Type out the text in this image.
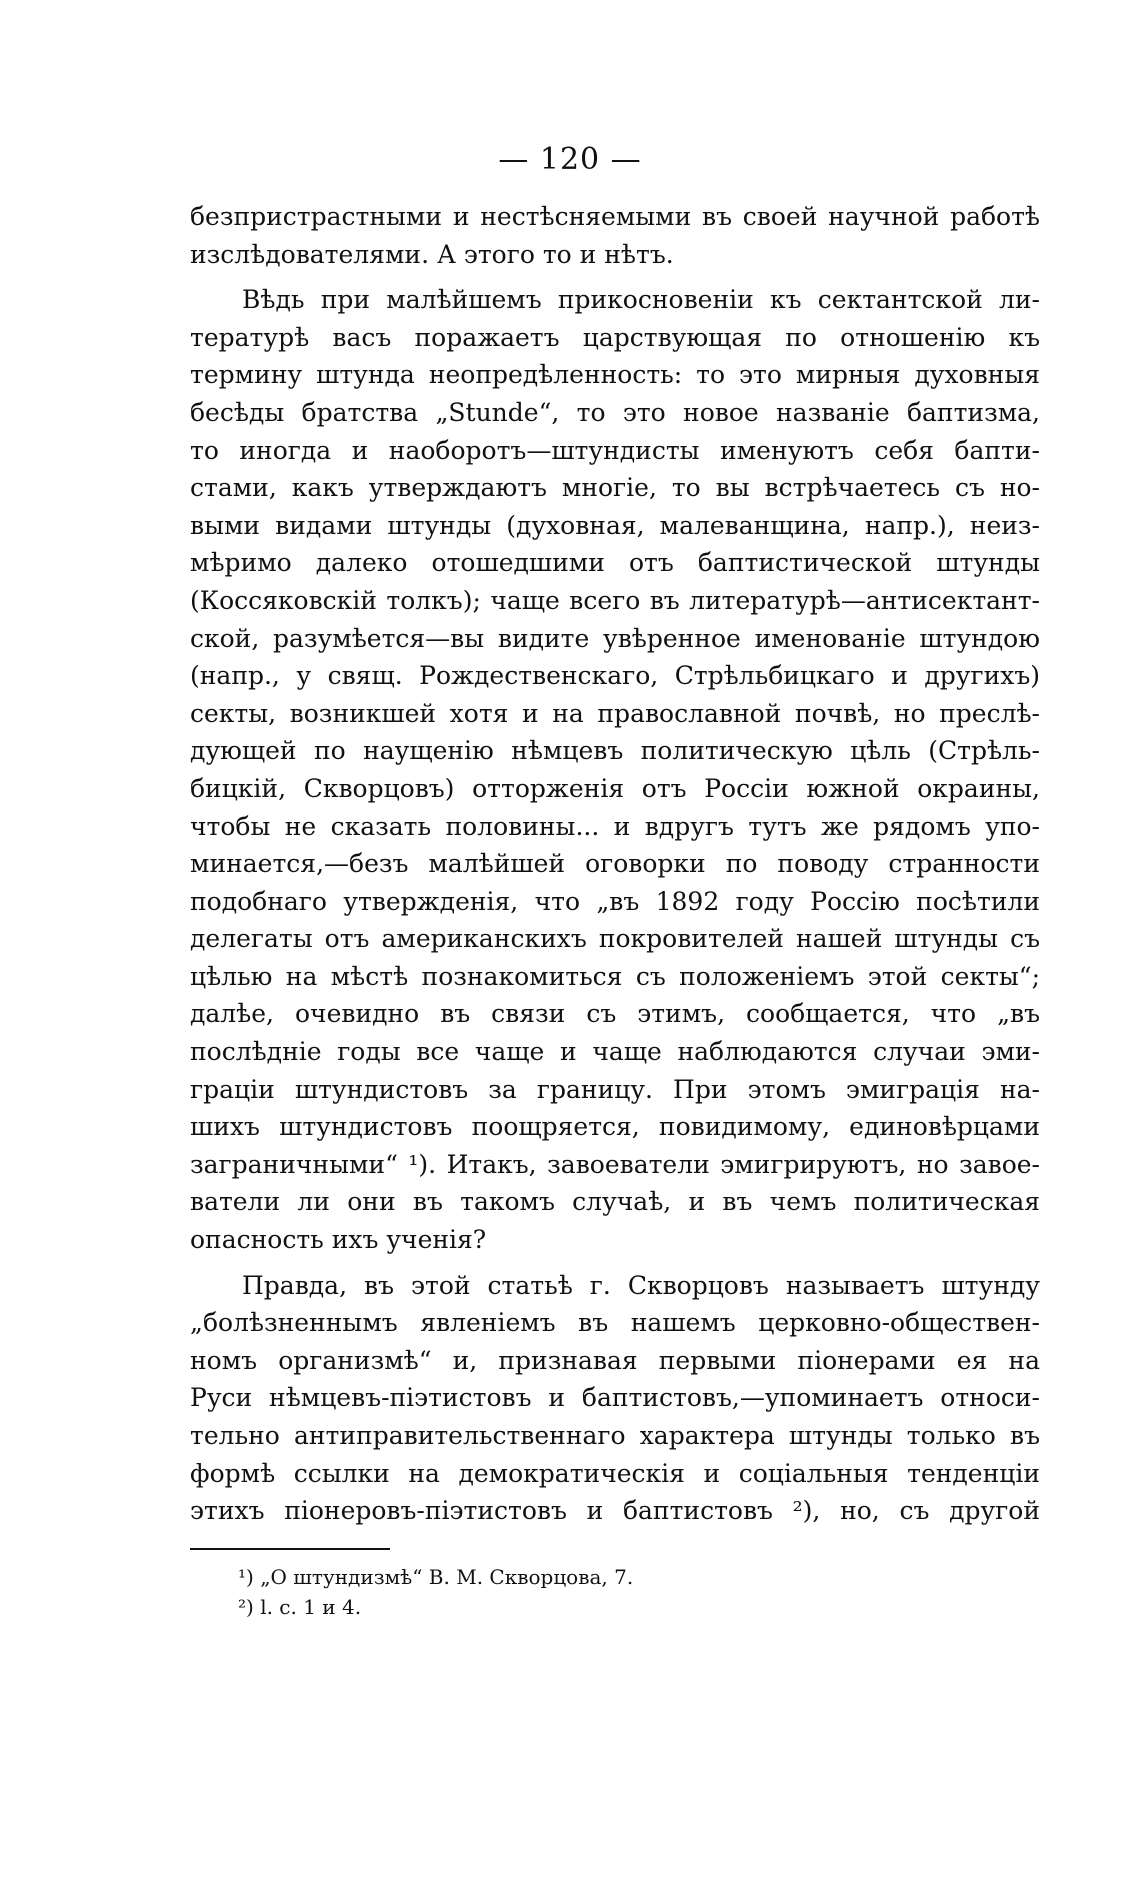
— 120 —
безпристрастными и нестѣсняемыми въ своей научной работѣ
изслѣдователями. А этого то и нѣтъ.
Вѣдь при малѣйшемъ прикосновеніи къ сектантской ли-
тературѣ васъ поражаетъ царствующая по отношенію къ
термину штунда неопредѣленность: то это мирныя духовныя
бесѣды братства „Stunde“, то это новое названіе баптизма,
то иногда и наоборотъ—штундисты именуютъ себя бапти-
стами, какъ утверждаютъ многіе, то вы встрѣчаетесь съ но-
выми видами штунды (духовная, малеванщина, напр.), неиз-
мѣримо далеко отошедшими отъ баптистической штунды
(Коссяковскій толкъ); чаще всего въ литературѣ—антисектант-
ской, разумѣется—вы видите увѣренное именованіе штундою
(напр., у свящ. Рождественскаго, Стрѣльбицкаго и другихъ)
секты, возникшей хотя и на православной почвѣ, но преслѣ-
дующей по наущенію нѣмцевъ политическую цѣль (Стрѣль-
бицкій, Скворцовъ) отторженія отъ Россіи южной окраины,
чтобы не сказать половины... и вдругъ тутъ же рядомъ упо-
минается,—безъ малѣйшей оговорки по поводу странности
подобнаго утвержденія, что „въ 1892 году Россію посѣтили
делегаты отъ американскихъ покровителей нашей штунды съ
цѣлью на мѣстѣ познакомиться съ положеніемъ этой секты“;
далѣе, очевидно въ связи съ этимъ, сообщается, что „въ
послѣдніе годы все чаще и чаще наблюдаются случаи эми-
граціи штундистовъ за границу. При этомъ эмиграція на-
шихъ штундистовъ поощряется, повидимому, единовѣрцами
заграничными“ ¹). Итакъ, завоеватели эмигрируютъ, но завое-
ватели ли они въ такомъ случаѣ, и въ чемъ политическая
опасность ихъ ученія?
Правда, въ этой статьѣ г. Скворцовъ называетъ штунду
„болѣзненнымъ явленіемъ въ нашемъ церковно-обществен-
номъ организмѣ“ и, признавая первыми піонерами ея на
Руси нѣмцевъ-піэтистовъ и баптистовъ,—упоминаетъ относи-
тельно антиправительственнаго характера штунды только въ
формѣ ссылки на демократическія и соціальныя тенденціи
этихъ піонеровъ-піэтистовъ и баптистовъ ²), но, съ другой
¹) „О штундизмѣ“ В. М. Скворцова, 7.
²) l. c. 1 и 4.
